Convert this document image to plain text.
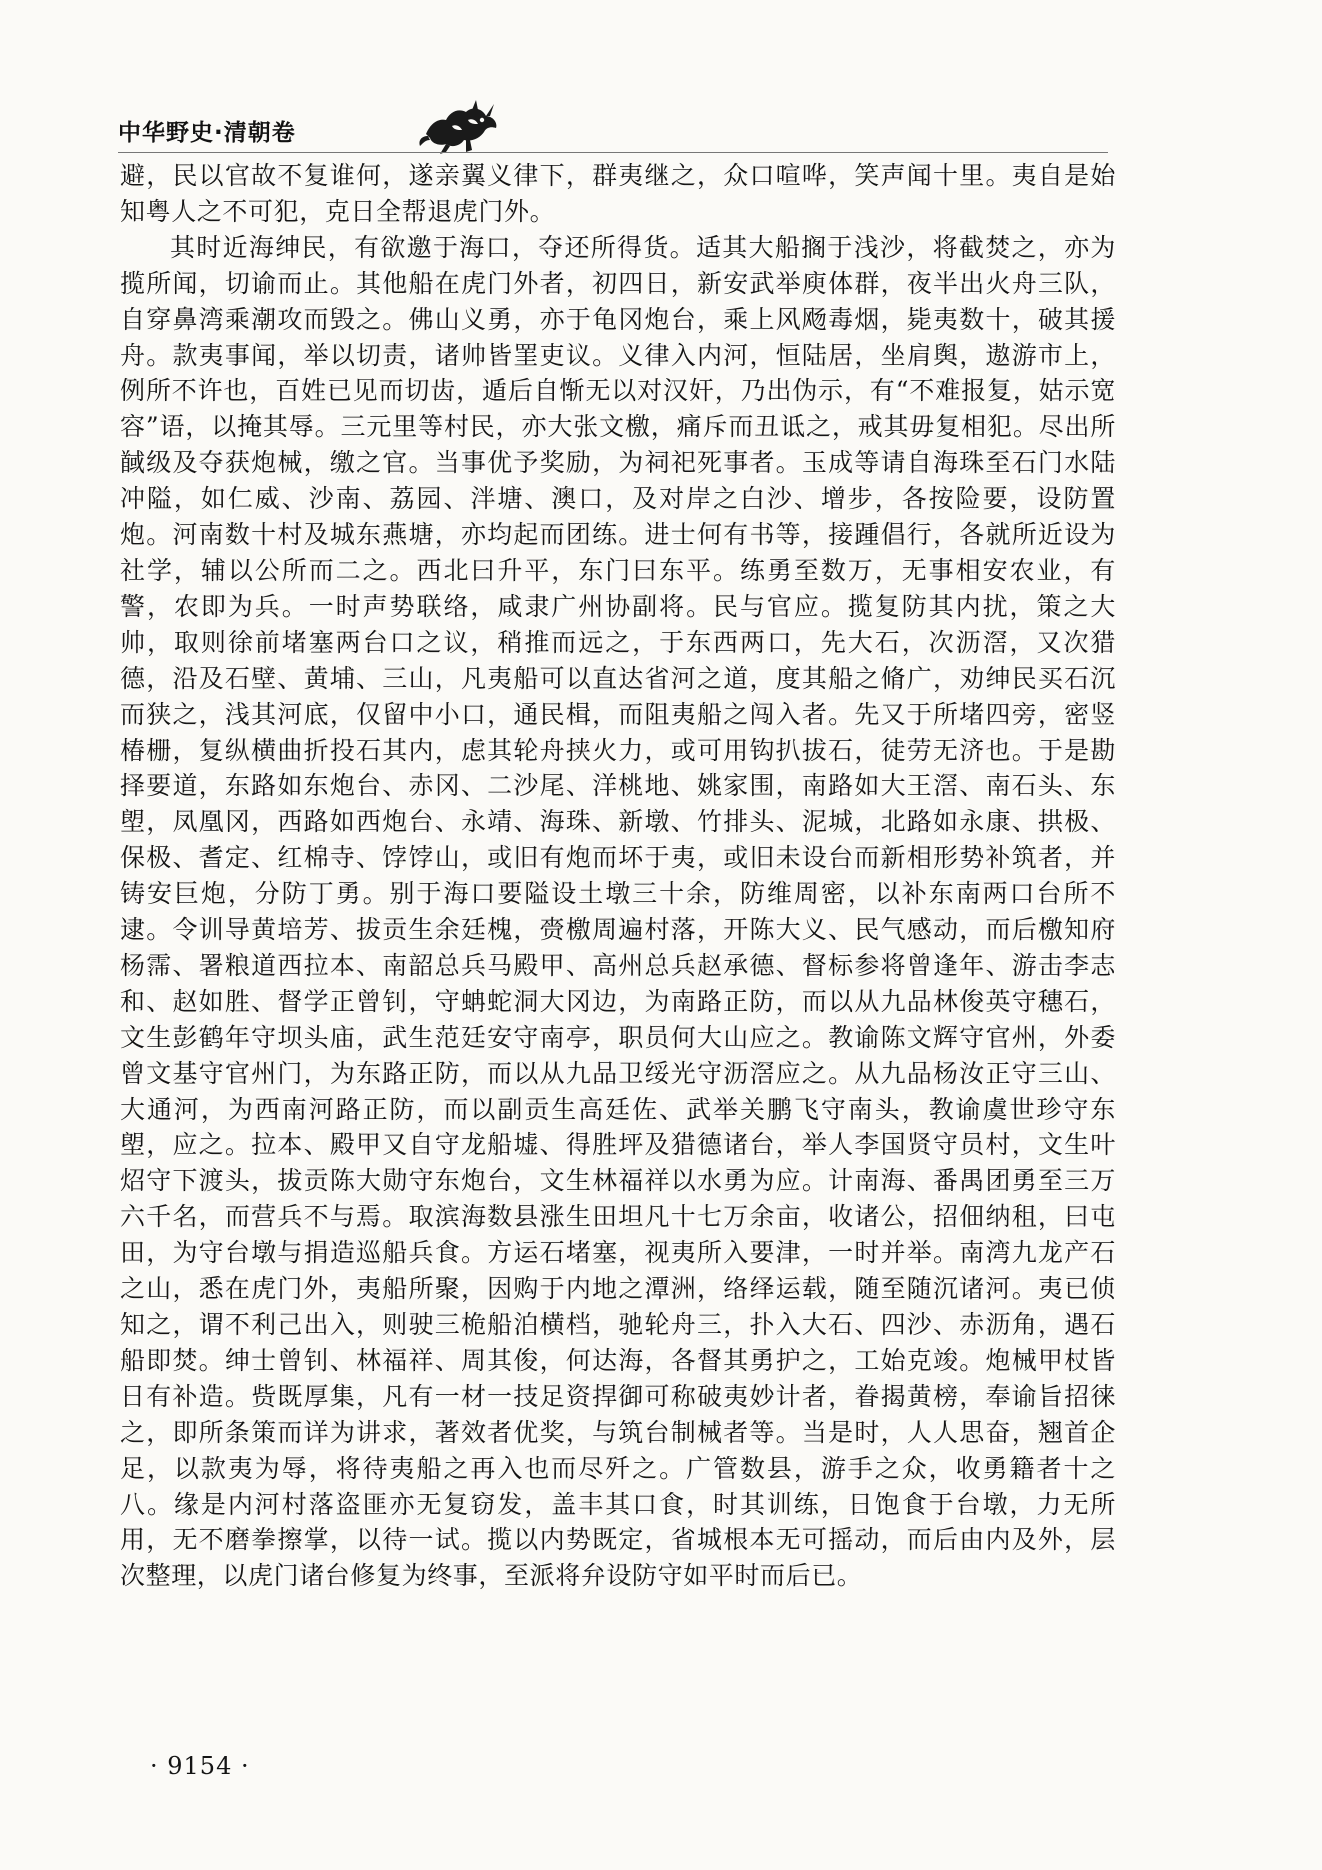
中华野史·清朝卷

避，民以官故不复谁何，遂亲翼义律下，群夷继之，众口喧哗，笑声闻十里。夷自是始知粤人之不可犯，克日全帮退虎门外。

其时近海绅民，有欲邀于海口，夺还所得货。适其大船搁于浅沙，将截焚之，亦为揽所闻，切谕而止。其他船在虎门外者，初四日，新安武举庾体群，夜半出火舟三队，自穿鼻湾乘潮攻而毁之。佛山义勇，亦于龟冈炮台，乘上风飏毒烟，毙夷数十，破其援舟。款夷事闻，举以切责，诸帅皆罣吏议。义律入内河，恒陆居，坐肩舆，遨游市上，例所不许也，百姓已见而切齿，遁后自惭无以对汉奸，乃出伪示，有“不难报复，姑示宽容”语，以掩其辱。三元里等村民，亦大张文檄，痛斥而丑诋之，戒其毋复相犯。尽出所馘级及夺获炮械，缴之官。当事优予奖励，为祠祀死事者。玉成等请自海珠至石门水陆冲隘，如仁威、沙南、荔园、泮塘、澳口，及对岸之白沙、增步，各按险要，设防置炮。河南数十村及城东燕塘，亦均起而团练。进士何有书等，接踵倡行，各就所近设为社学，辅以公所而二之。西北曰升平，东门曰东平。练勇至数万，无事相安农业，有警，农即为兵。一时声势联络，咸隶广州协副将。民与官应。揽复防其内扰，策之大帅，取则徐前堵塞两台口之议，稍推而远之，于东西两口，先大石，次沥滘，又次猎德，沿及石壁、黄埔、三山，凡夷船可以直达省河之道，度其船之脩广，劝绅民买石沉而狭之，浅其河底，仅留中小口，通民楫，而阻夷船之闯入者。先又于所堵四旁，密竖椿栅，复纵横曲折投石其内，虑其轮舟挟火力，或可用钩扒拔石，徒劳无济也。于是勘择要道，东路如东炮台、赤冈、二沙尾、洋桃地、姚家围，南路如大王滘、南石头、东塱，凤凰冈，西路如西炮台、永靖、海珠、新墩、竹排头、泥城，北路如永康、拱极、保极、耆定、红棉寺、饽饽山，或旧有炮而坏于夷，或旧未设台而新相形势补筑者，并铸安巨炮，分防丁勇。别于海口要隘设土墩三十余，防维周密，以补东南两口台所不逮。令训导黄培芳、拔贡生余廷槐，赍檄周遍村落，开陈大义、民气感动，而后檄知府杨霈、署粮道西拉本、南韶总兵马殿甲、高州总兵赵承德、督标参将曾逢年、游击李志和、赵如胜、督学正曾钊，守蚺蛇洞大冈边，为南路正防，而以从九品林俊英守穗石，文生彭鹤年守坝头庙，武生范廷安守南亭，职员何大山应之。教谕陈文辉守官州，外委曾文基守官州门，为东路正防，而以从九品卫绥光守沥滘应之。从九品杨汝正守三山、大通河，为西南河路正防，而以副贡生高廷佐、武举关鹏飞守南头，教谕虞世珍守东塱，应之。拉本、殿甲又自守龙船墟、得胜坪及猎德诸台，举人李国贤守员村，文生叶炤守下渡头，拔贡陈大勋守东炮台，文生林福祥以水勇为应。计南海、番禺团勇至三万六千名，而营兵不与焉。取滨海数县涨生田坦凡十七万余亩，收诸公，招佃纳租，曰屯田，为守台墩与捐造巡船兵食。方运石堵塞，视夷所入要津，一时并举。南湾九龙产石之山，悉在虎门外，夷船所聚，因购于内地之潭洲，络绎运载，随至随沉诸河。夷已侦知之，谓不利己出入，则驶三桅船泊横档，驰轮舟三，扑入大石、四沙、赤沥角，遇石船即焚。绅士曾钊、林福祥、周其俊，何达海，各督其勇护之，工始克竣。炮械甲杖皆日有补造。赀既厚集，凡有一材一技足资捍御可称破夷妙计者，眷揭黄榜，奉谕旨招徕之，即所条策而详为讲求，著效者优奖，与筑台制械者等。当是时，人人思奋，翘首企足，以款夷为辱，将待夷船之再入也而尽歼之。广管数县，游手之众，收勇籍者十之八。缘是内河村落盗匪亦无复窃发，盖丰其口食，时其训练，日饱食于台墩，力无所用，无不磨拳擦掌，以待一试。揽以内势既定，省城根本无可摇动，而后由内及外，层次整理，以虎门诸台修复为终事，至派将弁设防守如平时而后已。

· 9154 ·
